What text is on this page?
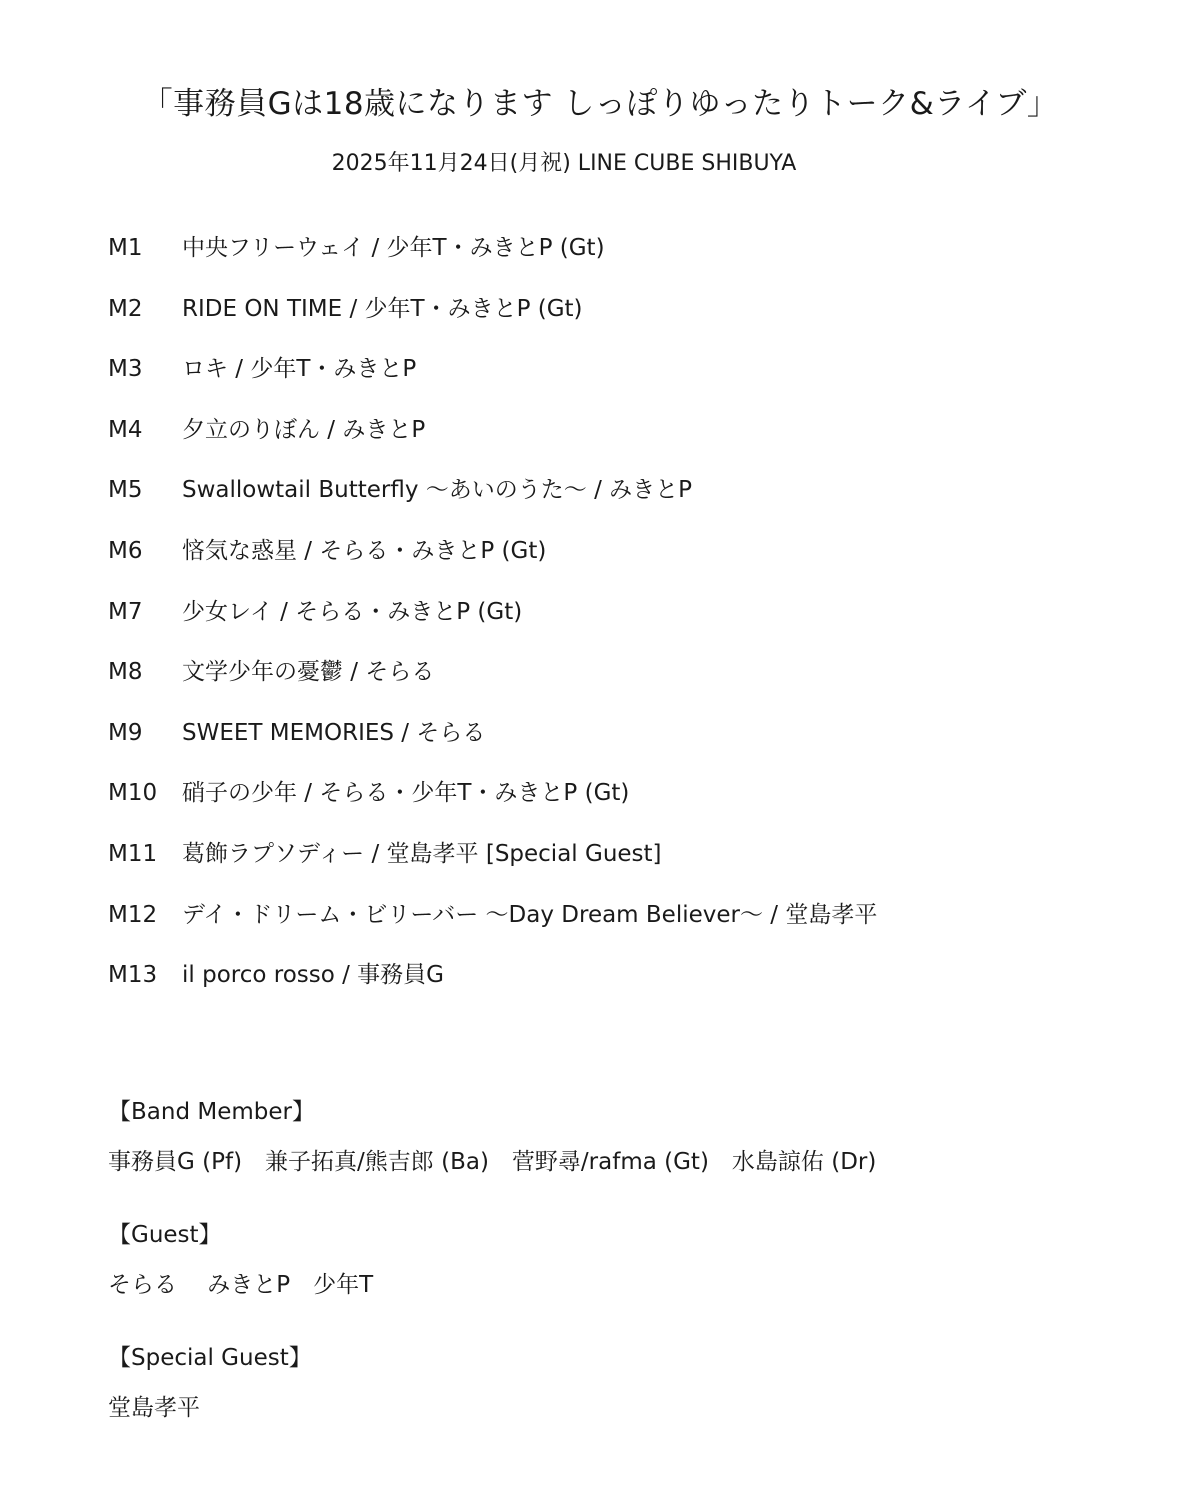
「事務員Gは18歳になります しっぽりゆったりトーク&ライブ」
2025年11月24日(月祝) LINE CUBE SHIBUYA
M1	中央フリーウェイ / 少年T・みきとP (Gt)
M2	RIDE ON TIME / 少年T・みきとP (Gt)
M3	ロキ / 少年T・みきとP
M4	夕立のりぼん / みきとP
M5	Swallowtail Butterfly 〜あいのうた〜 / みきとP
M6	悋気な惑星 / そらる・みきとP (Gt)
M7	少女レイ / そらる・みきとP (Gt)
M8	文学少年の憂鬱 / そらる
M9	SWEET MEMORIES / そらる
M10	硝子の少年 / そらる・少年T・みきとP (Gt)
M11	葛飾ラプソディー / 堂島孝平 [Special Guest]
M12	デイ・ドリーム・ビリーバー 〜Day Dream Believer〜 / 堂島孝平
M13	il porco rosso / 事務員G
【Band Member】
事務員G (Pf)　兼子拓真/熊吉郎 (Ba)　菅野尋/rafma (Gt)　水島諒佑 (Dr)
【Guest】
そらる　 みきとP　少年T
【Special Guest】
堂島孝平
